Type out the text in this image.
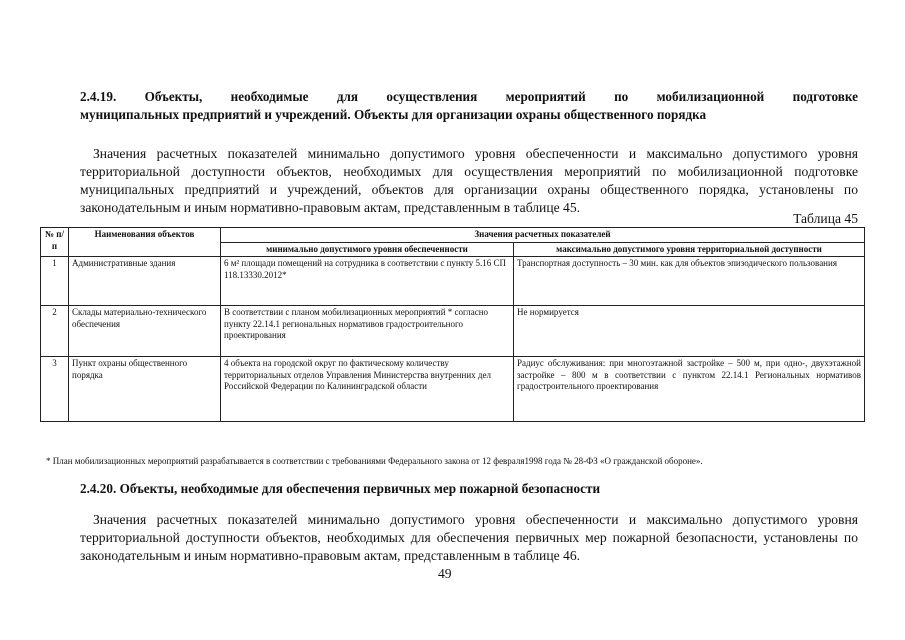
2.4.19. Объекты, необходимые для осуществления мероприятий по мобилизационной подготовке
муниципальных предприятий и учреждений. Объекты для организации охраны общественного порядка
Значения расчетных показателей минимально допустимого уровня обеспеченности и максимально допустимого уровня
территориальной доступности объектов, необходимых для осуществления мероприятий по мобилизационной подготовке муниципальных предприятий и учреждений, объектов для организации охраны общественного порядка, установлены по законодательным и иным нормативно-правовым актам, представленным в таблице 45.
Таблица 45
№ п/п	Наименования объектов	Значения расчетных показателей	
		минимально допустимого уровня обеспеченности	максимально допустимого уровня территориальной доступности
1	Административные здания	6 м² площади помещений на сотрудника в соответствии с пункту 5.16 СП 118.13330.2012*	Транспортная доступность – 30 мин. как для объектов эпизодического пользования
2	Склады материально-технического обеспечения	В соответствии с планом мобилизационных мероприятий * согласно пункту 22.14.1 региональных нормативов градостроительного проектирования	Не нормируется
3	Пункт охраны общественного порядка	4 объекта на городской округ по фактическому количеству территориальных отделов Управления Министерства внутренних дел Российской Федерации по Калининградской области	Радиус обслуживания: при многоэтажной застройке – 500 м, при одно-, двухэтажной застройке – 800 м в соответствии с пунктом 22.14.1 Региональных нормативов градостроительного проектирования
* План мобилизационных мероприятий разрабатывается в соответствии с требованиями Федерального закона от 12 февраля1998 года № 28-ФЗ «О гражданской обороне».
2.4.20. Объекты, необходимые для обеспечения первичных мер пожарной безопасности
Значения расчетных показателей минимально допустимого уровня обеспеченности и максимально допустимого уровня
территориальной доступности объектов, необходимых для обеспечения первичных мер пожарной безопасности, установлены по законодательным и иным нормативно-правовым актам, представленным в таблице 46.
49
